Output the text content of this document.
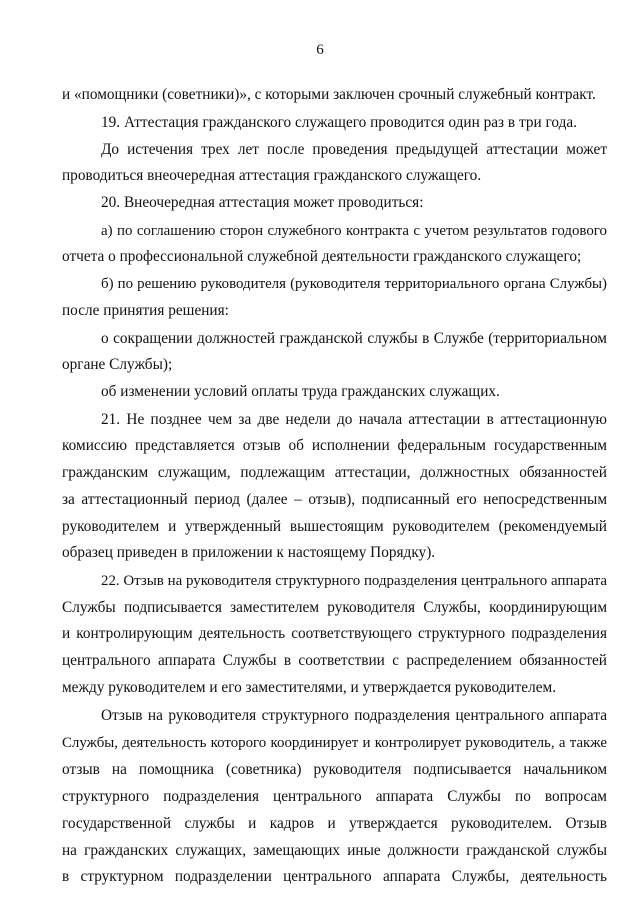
6
и «помощники (советники)», с которыми заключен срочный служебный контракт.
19. Аттестация гражданского служащего проводится один раз в три года.
До истечения трех лет после проведения предыдущей аттестации может
проводиться внеочередная аттестация гражданского служащего.
20. Внеочередная аттестация может проводиться:
а) по соглашению сторон служебного контракта с учетом результатов годового
отчета о профессиональной служебной деятельности гражданского служащего;
б) по решению руководителя (руководителя территориального органа Службы)
после принятия решения:
о сокращении должностей гражданской службы в Службе (территориальном
органе Службы);
об изменении условий оплаты труда гражданских служащих.
21. Не позднее чем за две недели до начала аттестации в аттестационную
комиссию представляется отзыв об исполнении федеральным государственным
гражданским служащим, подлежащим аттестации, должностных обязанностей
за аттестационный период (далее – отзыв), подписанный его непосредственным
руководителем и утвержденный вышестоящим руководителем (рекомендуемый
образец приведен в приложении к настоящему Порядку).
22. Отзыв на руководителя структурного подразделения центрального аппарата
Службы подписывается заместителем руководителя Службы, координирующим
и контролирующим деятельность соответствующего структурного подразделения
центрального аппарата Службы в соответствии с распределением обязанностей
между руководителем и его заместителями, и утверждается руководителем.
Отзыв на руководителя структурного подразделения центрального аппарата
Службы, деятельность которого координирует и контролирует руководитель, а также
отзыв на помощника (советника) руководителя подписывается начальником
структурного подразделения центрального аппарата Службы по вопросам
государственной службы и кадров и утверждается руководителем. Отзыв
на гражданских служащих, замещающих иные должности гражданской службы
в структурном подразделении центрального аппарата Службы, деятельность
